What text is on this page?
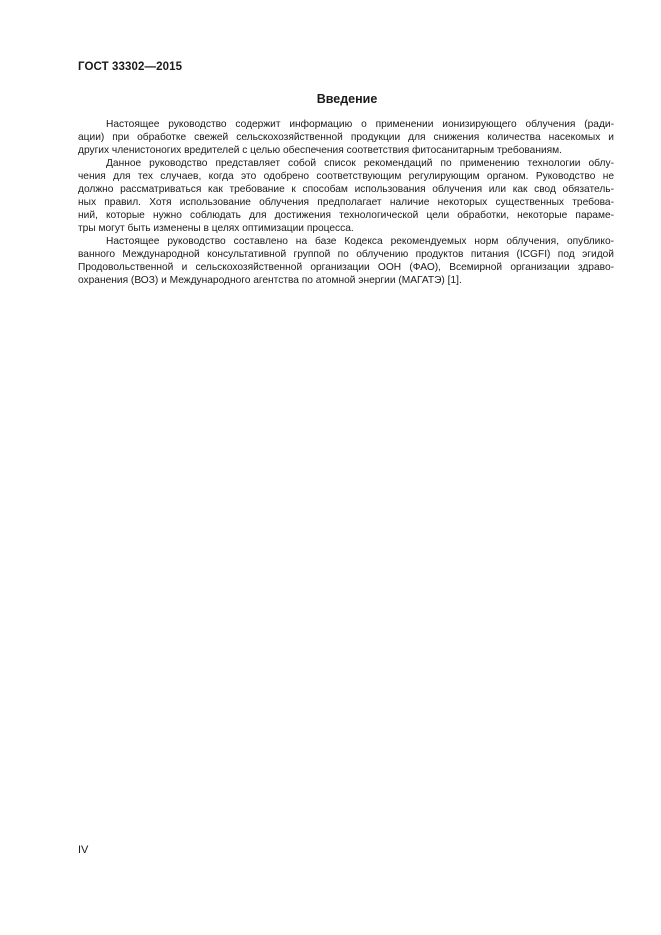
ГОСТ 33302—2015
Введение
Настоящее руководство содержит информацию о применении ионизирующего облучения (ради-
ации) при обработке свежей сельскохозяйственной продукции для снижения количества насекомых и
других членистоногих вредителей с целью обеспечения соответствия фитосанитарным требованиям.
Данное руководство представляет собой список рекомендаций по применению технологии облу-
чения для тех случаев, когда это одобрено соответствующим регулирующим органом. Руководство не
должно рассматриваться как требование к способам использования облучения или как свод обязатель-
ных правил. Хотя использование облучения предполагает наличие некоторых существенных требова-
ний, которые нужно соблюдать для достижения технологической цели обработки, некоторые параме-
тры могут быть изменены в целях оптимизации процесса.
Настоящее руководство составлено на базе Кодекса рекомендуемых норм облучения, опублико-
ванного Международной консультативной группой по облучению продуктов питания (ICGFI) под эгидой
Продовольственной и сельскохозяйственной организации ООН (ФАО), Всемирной организации здраво-
охранения (ВОЗ) и Международного агентства по атомной энергии (МАГАТЭ) [1].
IV
